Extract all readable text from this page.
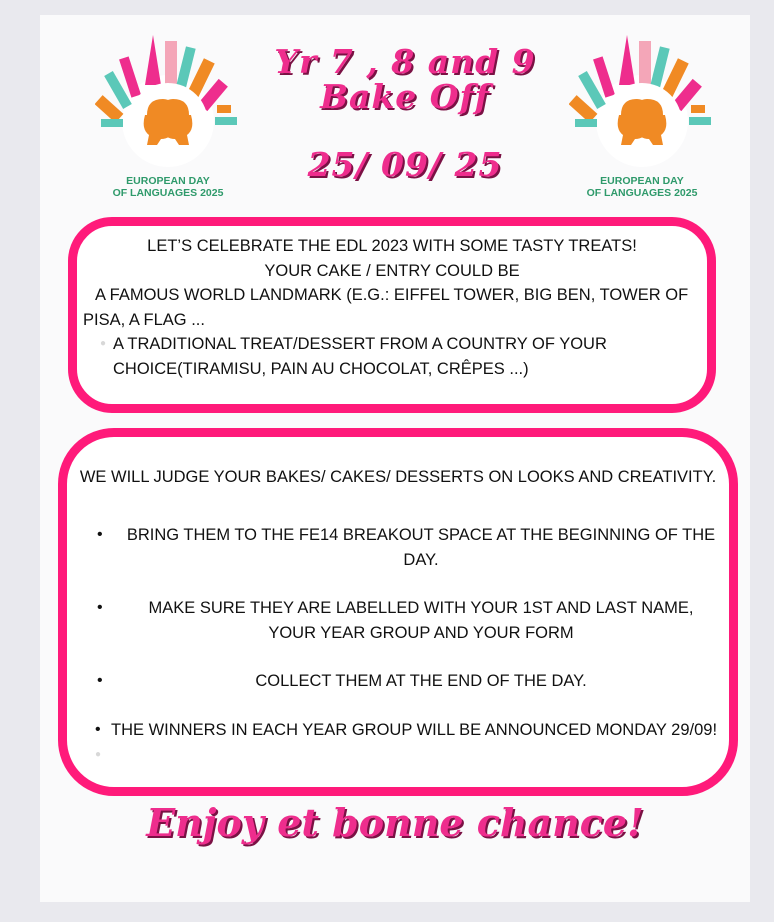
EUROPEAN DAY
OF LANGUAGES 2025
EUROPEAN DAY
OF LANGUAGES 2025
Yr 7 , 8 and 9
Bake Off
25/ 09/ 25
LET’S CELEBRATE THE EDL 2023 WITH SOME TASTY TREATS!
YOUR CAKE / ENTRY COULD BE
A FAMOUS WORLD LANDMARK (E.G.: EIFFEL TOWER, BIG BEN, TOWER OF PISA, A FLAG ...
● A TRADITIONAL TREAT/DESSERT FROM A COUNTRY OF YOUR CHOICE(TIRAMISU, PAIN AU CHOCOLAT, CRÊPES ...)
WE WILL JUDGE YOUR BAKES/ CAKES/ DESSERTS ON LOOKS AND CREATIVITY.
• BRING THEM TO THE FE14 BREAKOUT SPACE AT THE BEGINNING OF THE DAY.
•	MAKE SURE THEY ARE LABELLED WITH YOUR 1ST AND LAST NAME, YOUR YEAR GROUP AND YOUR FORM
•	COLLECT THEM AT THE END OF THE DAY.
• THE WINNERS IN EACH YEAR GROUP WILL BE ANNOUNCED MONDAY 29/09!
●
Enjoy et bonne chance!
